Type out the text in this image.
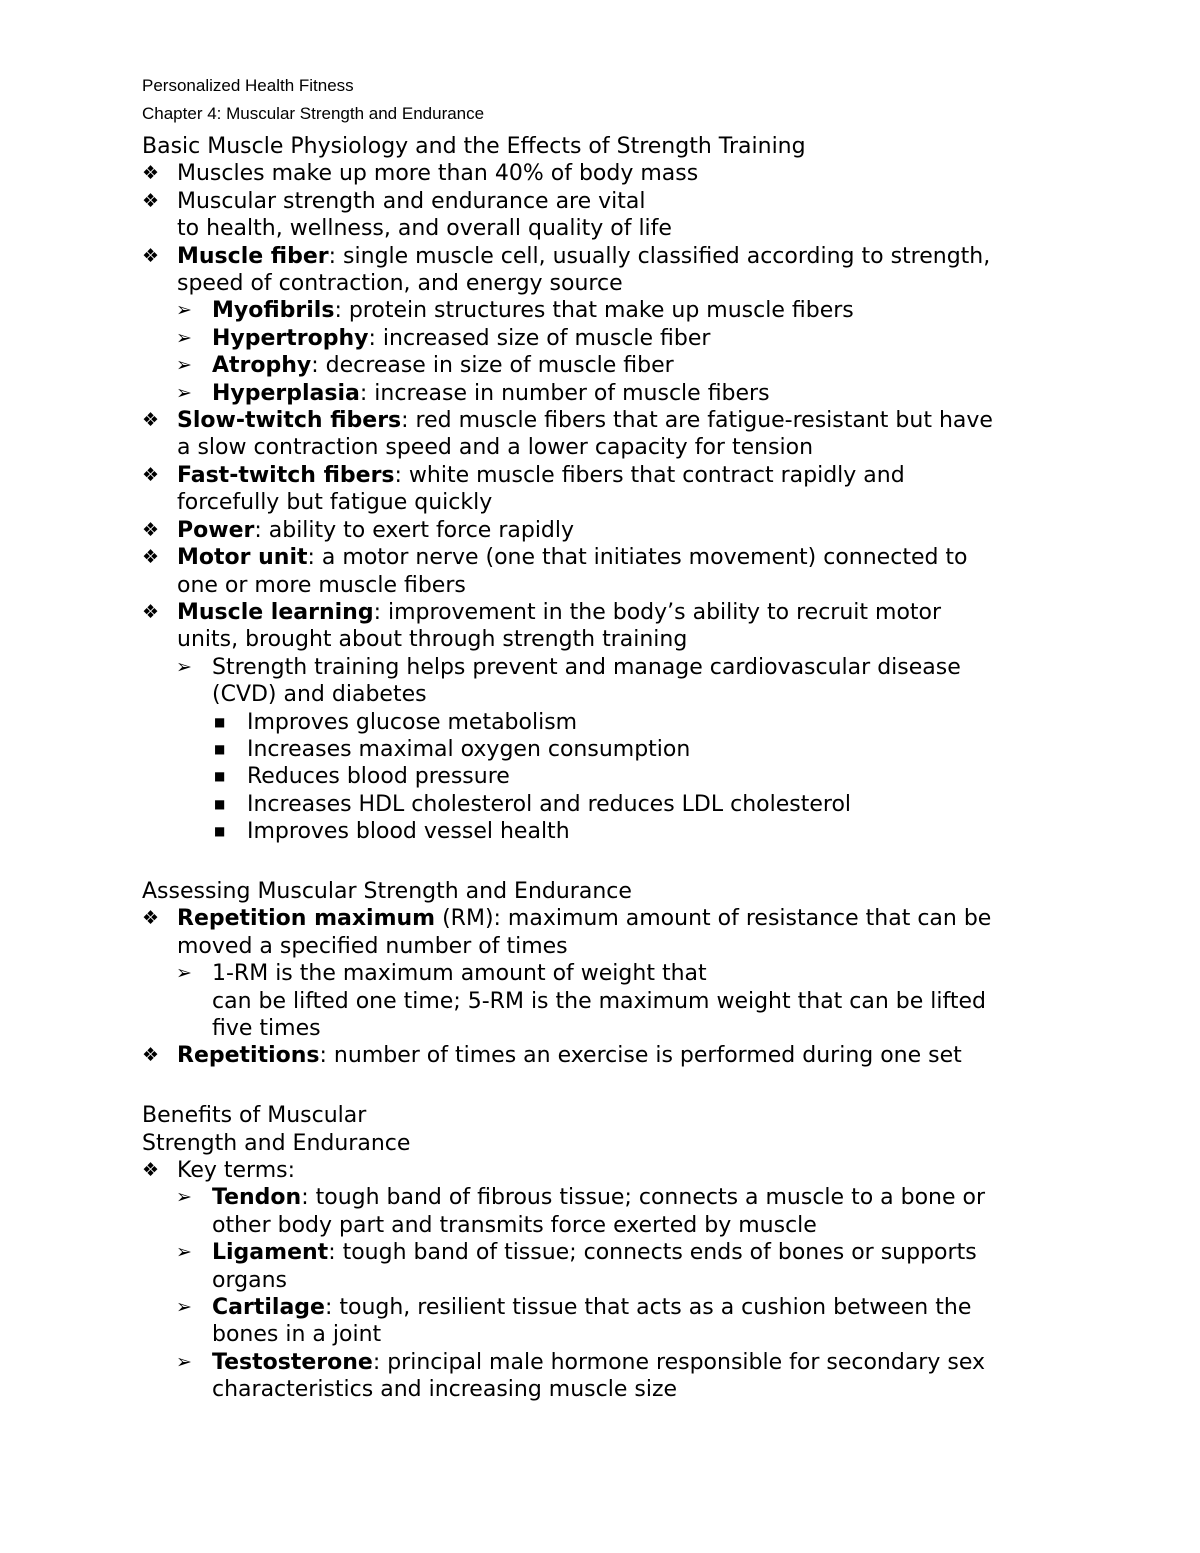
Personalized Health Fitness
Chapter 4: Muscular Strength and Endurance
Basic Muscle Physiology and the Effects of Strength Training
❖ Muscles make up more than 40% of body mass
❖ Muscular strength and endurance are vital
to health, wellness, and overall quality of life
❖ Muscle fiber: single muscle cell, usually classified according to strength,
speed of contraction, and energy source
➢ Myofibrils: protein structures that make up muscle fibers
➢ Hypertrophy: increased size of muscle fiber
➢ Atrophy: decrease in size of muscle fiber
➢ Hyperplasia: increase in number of muscle fibers
❖ Slow-twitch fibers: red muscle fibers that are fatigue-resistant but have
a slow contraction speed and a lower capacity for tension
❖ Fast-twitch fibers: white muscle fibers that contract rapidly and
forcefully but fatigue quickly
❖ Power: ability to exert force rapidly
❖ Motor unit: a motor nerve (one that initiates movement) connected to
one or more muscle fibers
❖ Muscle learning: improvement in the body’s ability to recruit motor
units, brought about through strength training
➢ Strength training helps prevent and manage cardiovascular disease
(CVD) and diabetes
■ Improves glucose metabolism
■ Increases maximal oxygen consumption
■ Reduces blood pressure
■ Increases HDL cholesterol and reduces LDL cholesterol
■ Improves blood vessel health
Assessing Muscular Strength and Endurance
❖ Repetition maximum (RM): maximum amount of resistance that can be
moved a specified number of times
➢ 1-RM is the maximum amount of weight that
can be lifted one time; 5-RM is the maximum weight that can be lifted
five times
❖ Repetitions: number of times an exercise is performed during one set
Benefits of Muscular
Strength and Endurance
❖ Key terms:
➢ Tendon: tough band of fibrous tissue; connects a muscle to a bone or
other body part and transmits force exerted by muscle
➢ Ligament: tough band of tissue; connects ends of bones or supports
organs
➢ Cartilage: tough, resilient tissue that acts as a cushion between the
bones in a joint
➢ Testosterone: principal male hormone responsible for secondary sex
characteristics and increasing muscle size
